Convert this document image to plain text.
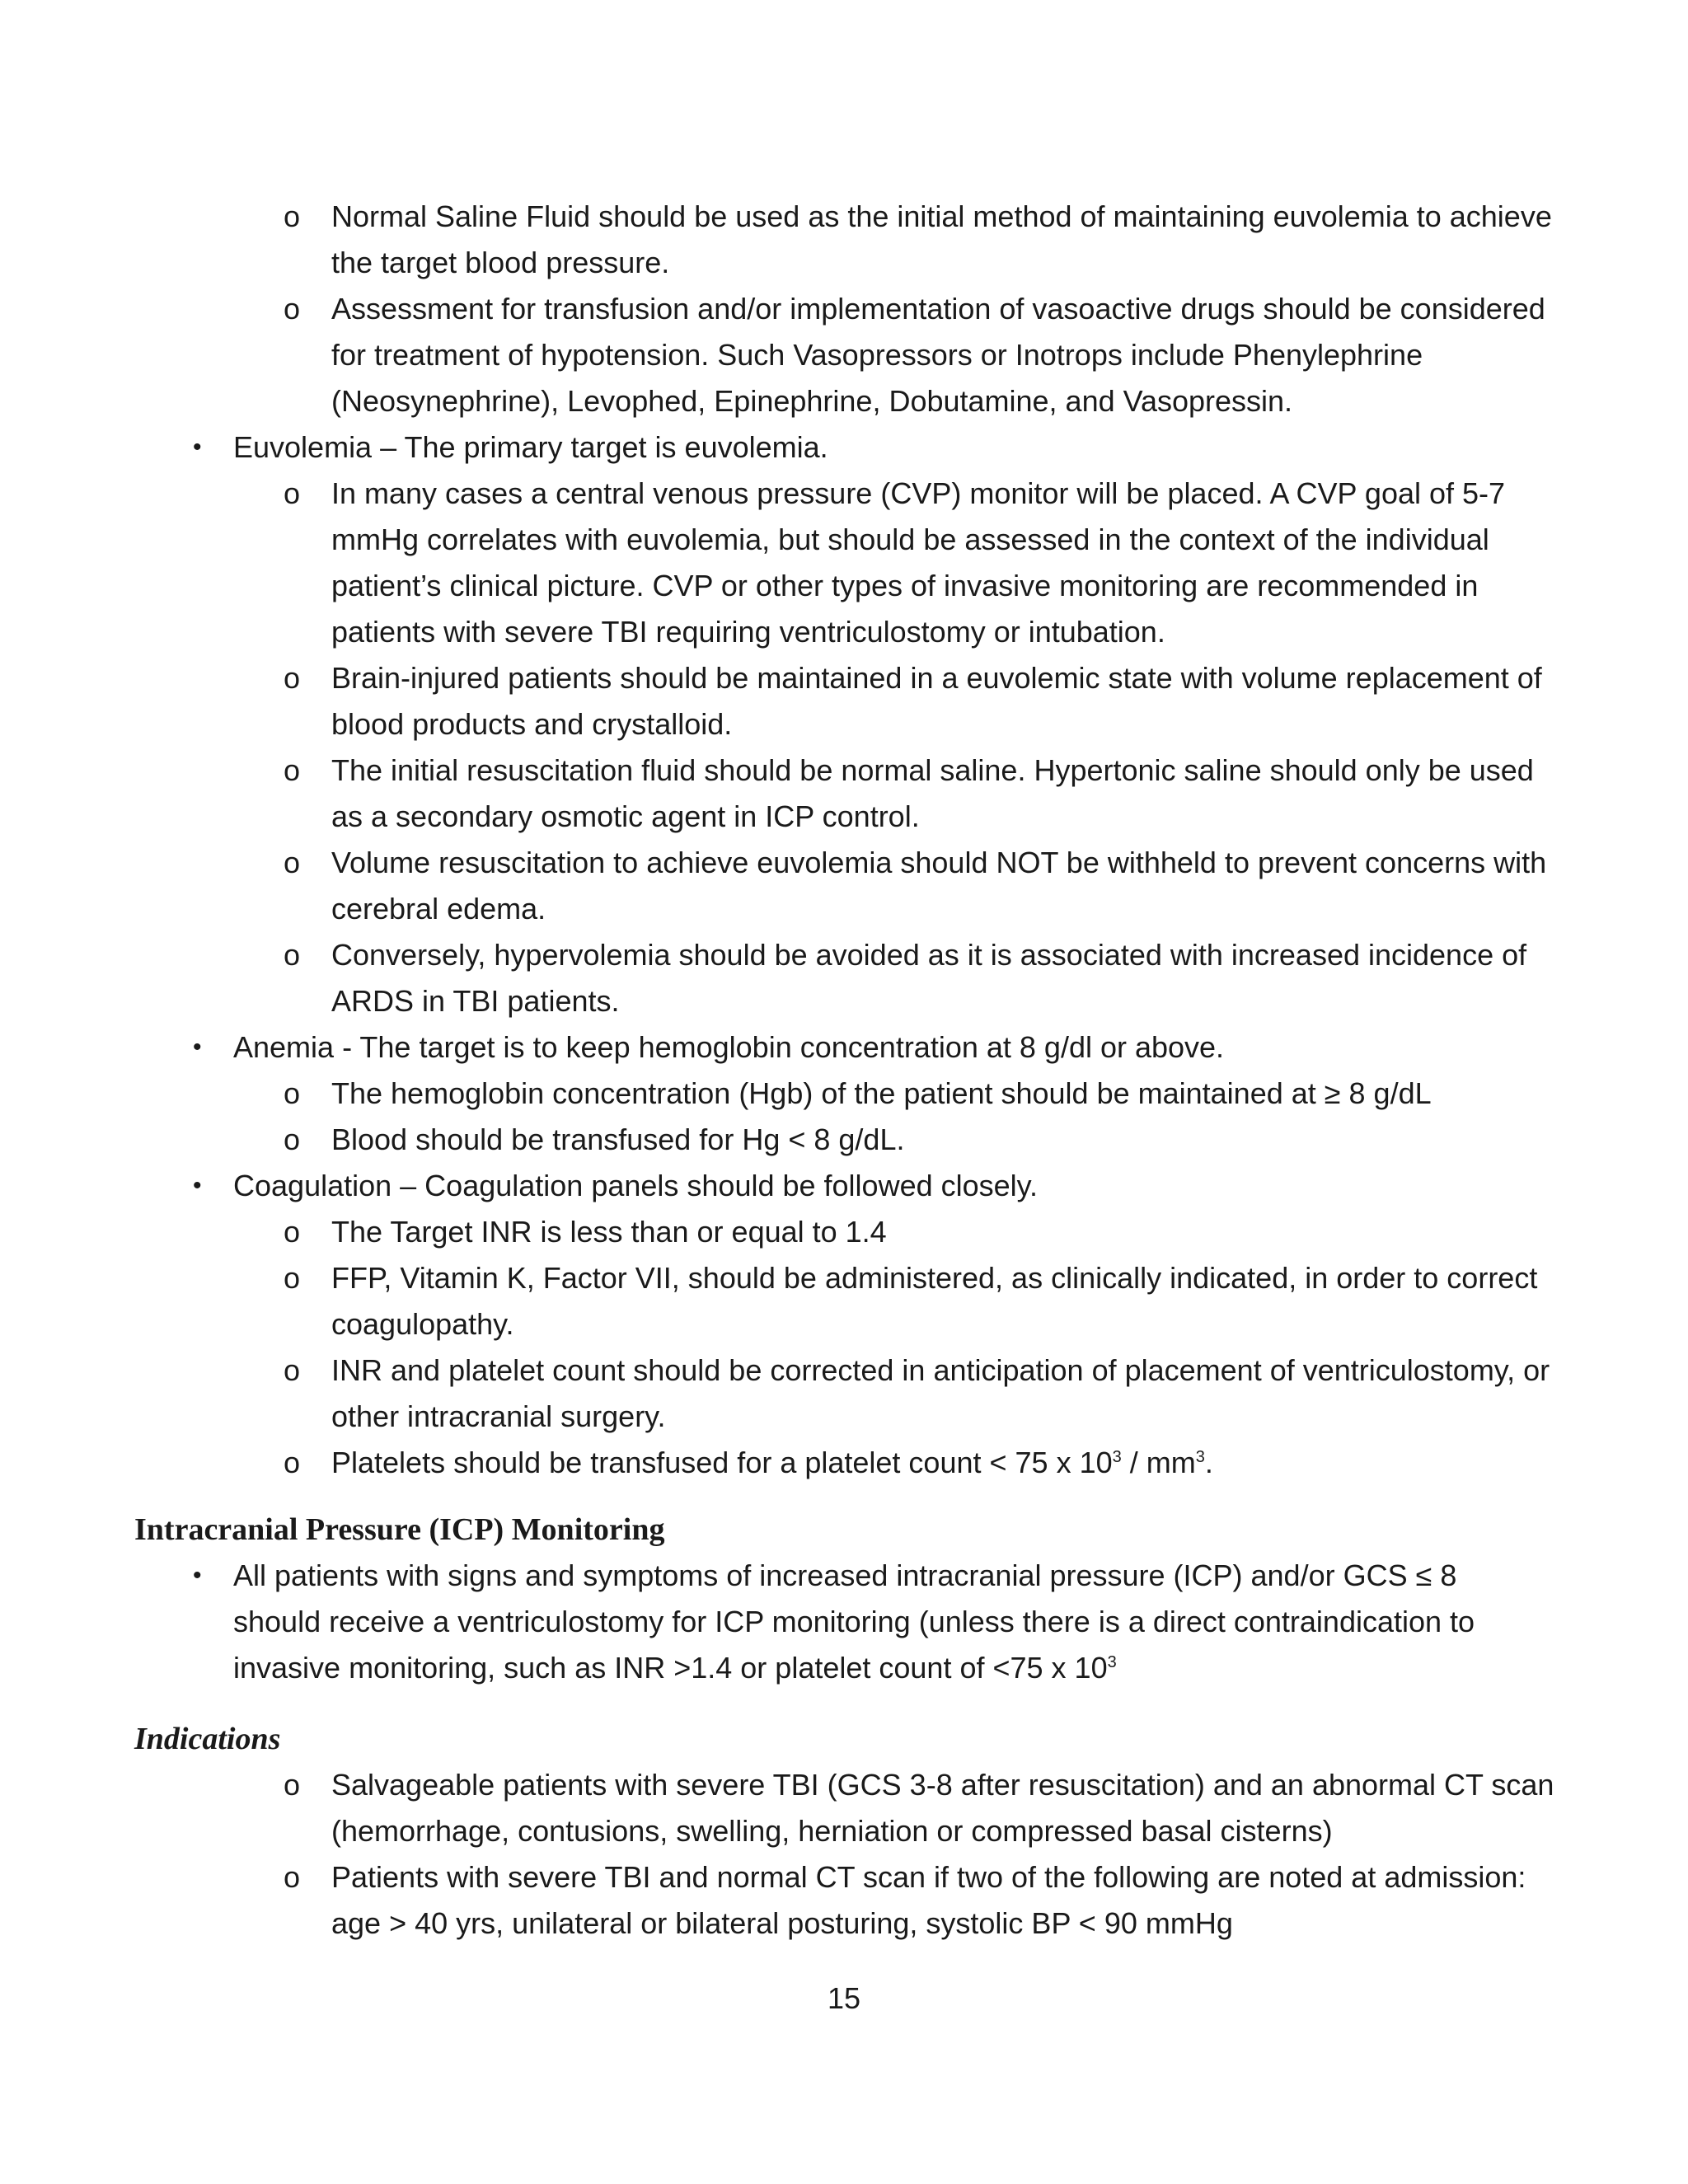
o Normal Saline Fluid should be used as the initial method of maintaining euvolemia to achieve the target blood pressure.
o Assessment for transfusion and/or implementation of vasoactive drugs should be considered for treatment of hypotension. Such Vasopressors or Inotrops include Phenylephrine (Neosynephrine), Levophed, Epinephrine, Dobutamine, and Vasopressin.
• Euvolemia – The primary target is euvolemia.
o In many cases a central venous pressure (CVP) monitor will be placed. A CVP goal of 5-7 mmHg correlates with euvolemia, but should be assessed in the context of the individual patient’s clinical picture. CVP or other types of invasive monitoring are recommended in patients with severe TBI requiring ventriculostomy or intubation.
o Brain-injured patients should be maintained in a euvolemic state with volume replacement of blood products and crystalloid.
o The initial resuscitation fluid should be normal saline. Hypertonic saline should only be used as a secondary osmotic agent in ICP control.
o Volume resuscitation to achieve euvolemia should NOT be withheld to prevent concerns with cerebral edema.
o Conversely, hypervolemia should be avoided as it is associated with increased incidence of ARDS in TBI patients.
• Anemia - The target is to keep hemoglobin concentration at 8 g/dl or above.
o The hemoglobin concentration (Hgb) of the patient should be maintained at ≥ 8 g/dL
o Blood should be transfused for Hg < 8 g/dL.
• Coagulation – Coagulation panels should be followed closely.
o The Target INR is less than or equal to 1.4
o FFP, Vitamin K, Factor VII, should be administered, as clinically indicated, in order to correct coagulopathy.
o INR and platelet count should be corrected in anticipation of placement of ventriculostomy, or other intracranial surgery.
o Platelets should be transfused for a platelet count < 75 x $10^3 / mm^3$.
Intracranial Pressure (ICP) Monitoring
• All patients with signs and symptoms of increased intracranial pressure (ICP) and/or GCS ≤ 8 should receive a ventriculostomy for ICP monitoring (unless there is a direct contraindication to invasive monitoring, such as INR >1.4 or platelet count of <75 x $10^3$
Indications
o Salvageable patients with severe TBI (GCS 3-8 after resuscitation) and an abnormal CT scan (hemorrhage, contusions, swelling, herniation or compressed basal cisterns)
o Patients with severe TBI and normal CT scan if two of the following are noted at admission: age > 40 yrs, unilateral or bilateral posturing, systolic BP < 90 mmHg
15
